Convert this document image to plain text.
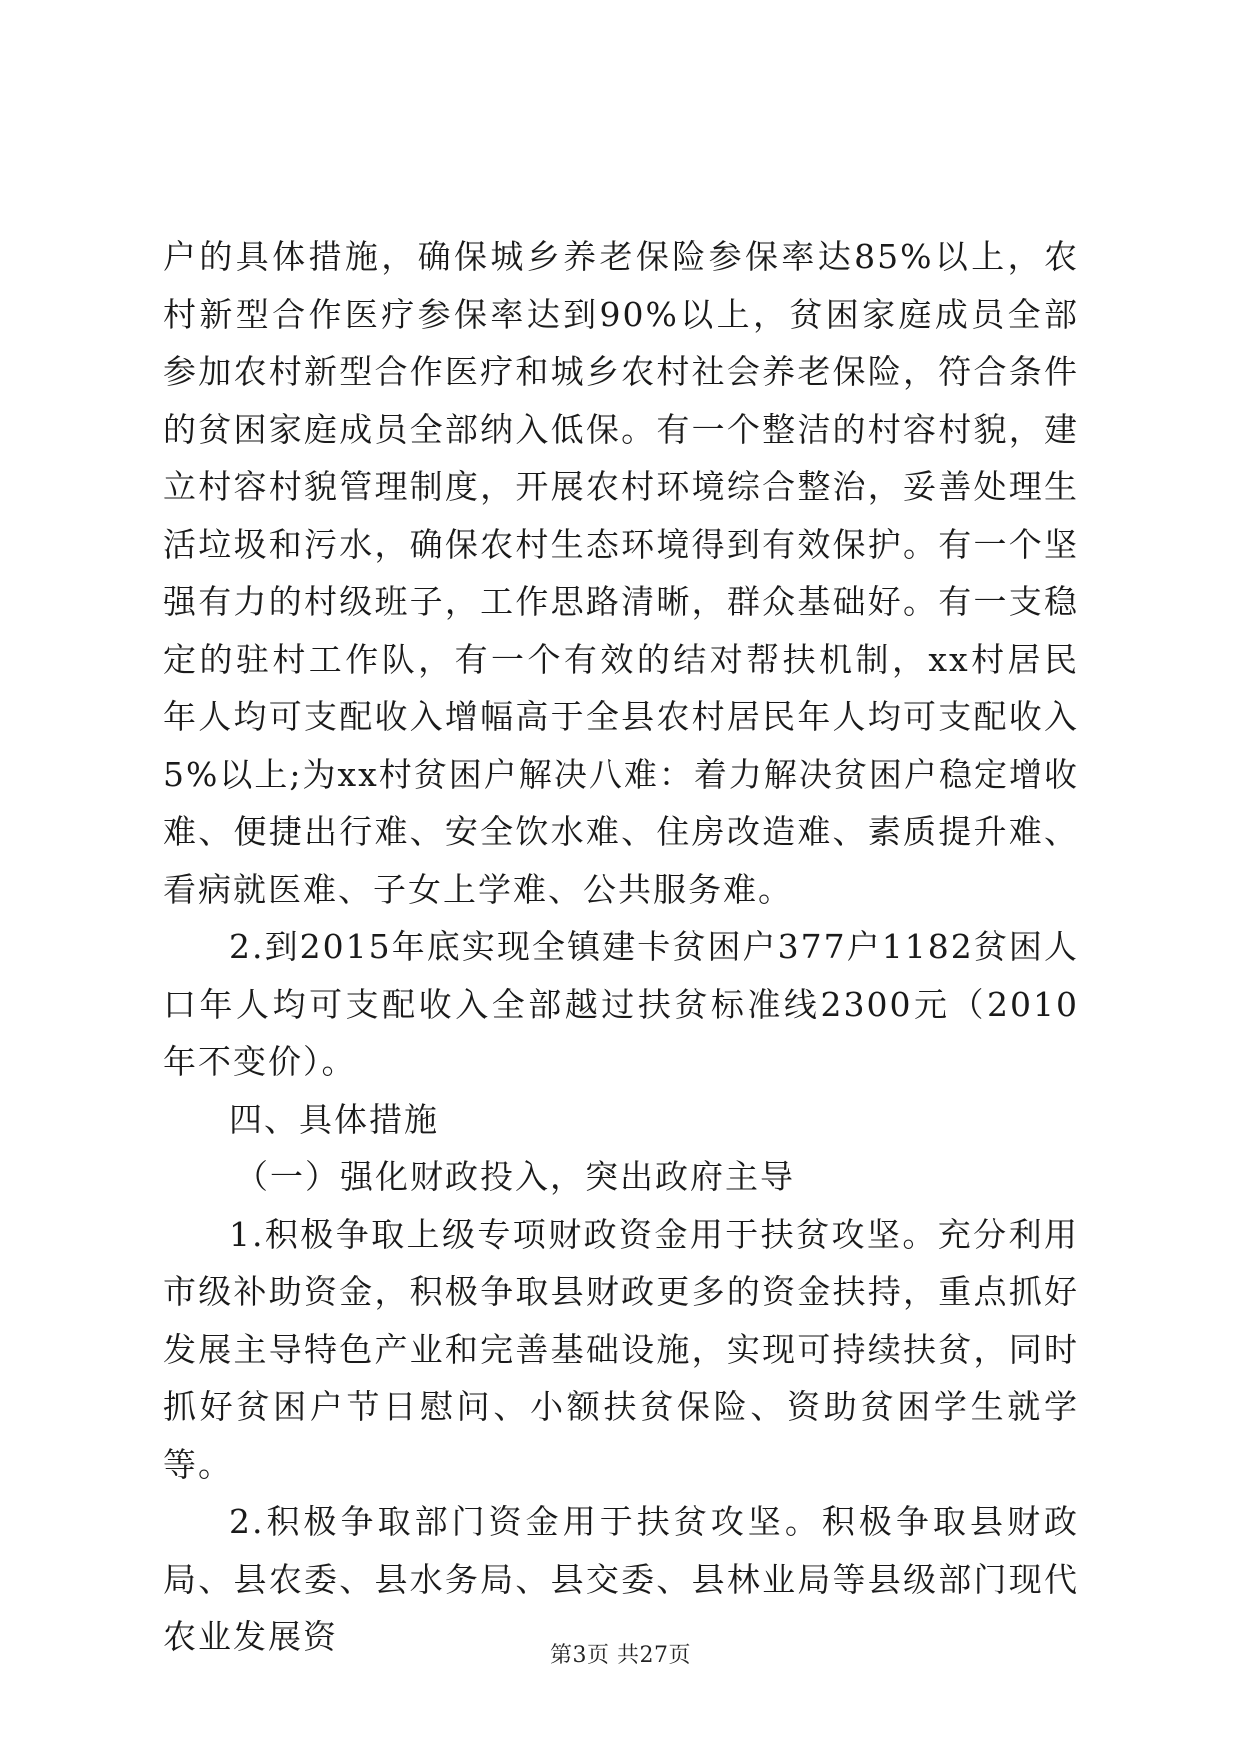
户的具体措施，确保城乡养老保险参保率达85%以上，农村新型合作医疗参保率达到90%以上，贫困家庭成员全部参加农村新型合作医疗和城乡农村社会养老保险，符合条件的贫困家庭成员全部纳入低保。有一个整洁的村容村貌，建立村容村貌管理制度，开展农村环境综合整治，妥善处理生活垃圾和污水，确保农村生态环境得到有效保护。有一个坚强有力的村级班子，工作思路清晰，群众基础好。有一支稳定的驻村工作队，有一个有效的结对帮扶机制，xx村居民年人均可支配收入增幅高于全县农村居民年人均可支配收入5%以上;为xx村贫困户解决八难：着力解决贫困户稳定增收难、便捷出行难、安全饮水难、住房改造难、素质提升难、看病就医难、子女上学难、公共服务难。

2.到2015年底实现全镇建卡贫困户377户1182贫困人口年人均可支配收入全部越过扶贫标准线2300元（2010年不变价）。

四、具体措施

（一）强化财政投入，突出政府主导

1.积极争取上级专项财政资金用于扶贫攻坚。充分利用市级补助资金，积极争取县财政更多的资金扶持，重点抓好发展主导特色产业和完善基础设施，实现可持续扶贫，同时抓好贫困户节日慰问、小额扶贫保险、资助贫困学生就学等。

2.积极争取部门资金用于扶贫攻坚。积极争取县财政局、县农委、县水务局、县交委、县林业局等县级部门现代农业发展资	第3页 共27页
